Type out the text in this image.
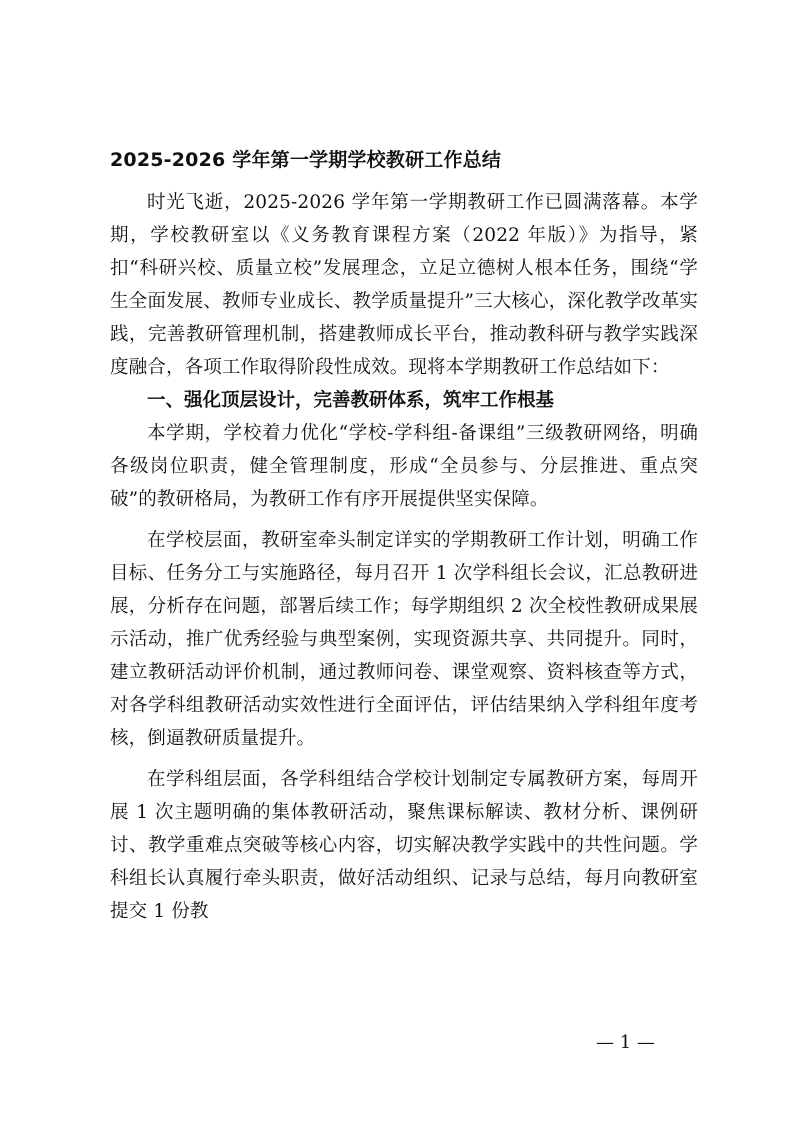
2025-2026 学年第一学期学校教研工作总结

时光飞逝，2025-2026 学年第一学期教研工作已圆满落幕。本学期，学校教研室以《义务教育课程方案（2022 年版）》为指导，紧扣“科研兴校、质量立校”发展理念，立足立德树人根本任务，围绕“学生全面发展、教师专业成长、教学质量提升”三大核心，深化教学改革实践，完善教研管理机制，搭建教师成长平台，推动教科研与教学实践深度融合，各项工作取得阶段性成效。现将本学期教研工作总结如下：

一、强化顶层设计，完善教研体系，筑牢工作根基

本学期，学校着力优化“学校-学科组-备课组”三级教研网络，明确各级岗位职责，健全管理制度，形成“全员参与、分层推进、重点突破”的教研格局，为教研工作有序开展提供坚实保障。

在学校层面，教研室牵头制定详实的学期教研工作计划，明确工作目标、任务分工与实施路径，每月召开 1 次学科组长会议，汇总教研进展，分析存在问题，部署后续工作；每学期组织 2 次全校性教研成果展示活动，推广优秀经验与典型案例，实现资源共享、共同提升。同时，建立教研活动评价机制，通过教师问卷、课堂观察、资料核查等方式，对各学科组教研活动实效性进行全面评估，评估结果纳入学科组年度考核，倒逼教研质量提升。

在学科组层面，各学科组结合学校计划制定专属教研方案，每周开展 1 次主题明确的集体教研活动，聚焦课标解读、教材分析、课例研讨、教学重难点突破等核心内容，切实解决教学实践中的共性问题。学科组长认真履行牵头职责，做好活动组织、记录与总结，每月向教研室提交 1 份教

— 1 —
